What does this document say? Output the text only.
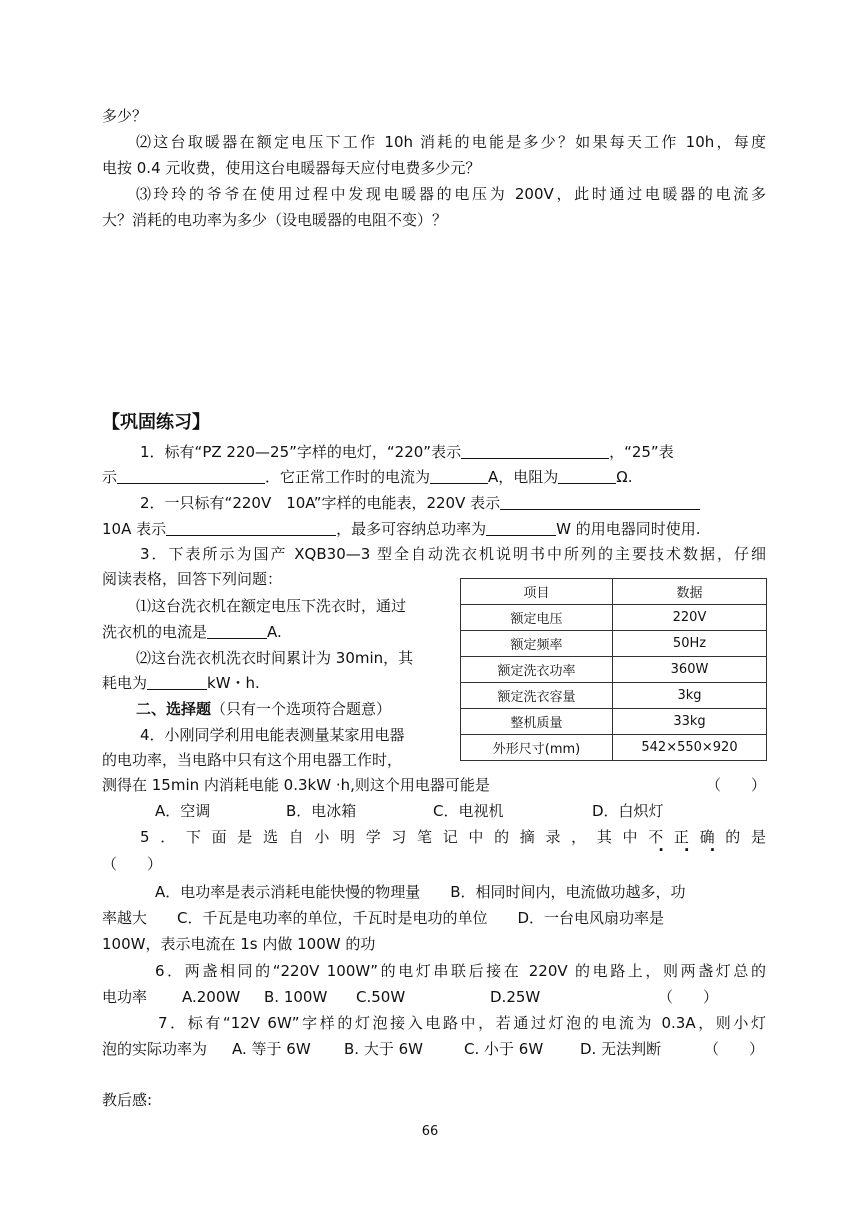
多少？
⑵这台取暖器在额定电压下工作 10h 消耗的电能是多少？如果每天工作 10h，每度
电按 0.4 元收费，使用这台电暖器每天应付电费多少元？
⑶玲玲的爷爷在使用过程中发现电暖器的电压为 200V，此时通过电暖器的电流多
大？消耗的电功率为多少（设电暖器的电阻不变）？
【巩固练习】
1．标有“PZ 220—25”字样的电灯，“220”表示	，“25”表
示	．它正常工作时的电流为	A，电阻为	Ω.
2．一只标有“220V　10A”字样的电能表，220V 表示
10A 表示	，最多可容纳总功率为	W 的用电器同时使用.
3．下表所示为国产 XQB30—3 型全自动洗衣机说明书中所列的主要技术数据，仔细
阅读表格，回答下列问题：
⑴这台洗衣机在额定电压下洗衣时，通过
洗衣机的电流是	A.
⑵这台洗衣机洗衣时间累计为 30min，其
耗电为	kW・h.
项目	数据
额定电压	220V
额定频率	50Hz
额定洗衣功率	360W
额定洗衣容量	3kg
整机质量	33kg
外形尺寸(mm)	542×550×920
二、选择题（只有一个选项符合题意）
4．小刚同学利用电能表测量某家用电器
的电功率，当电路中只有这个用电器工作时，
测得在 15min 内消耗电能 0.3kW ·h,则这个用电器可能是	（　　）
A．空调	B．电冰箱	C．电视机	D．白炽灯
5．下面是选自小明学习笔记中的摘录，其中不正确的是
（　　）
A．电功率是表示消耗电能快慢的物理量　　B．相同时间内，电流做功越多，功
率越大　　C．千瓦是电功率的单位，千瓦时是电功的单位　　D．一台电风扇功率是
100W，表示电流在 1s 内做 100W 的功
6．两盏相同的“220V 100W”的电灯串联后接在 220V 的电路上，则两盏灯总的
电功率 A.200W B. 100W C.50W	D.25W	（　　）
7．标有“12V 6W”字样的灯泡接入电路中，若通过灯泡的电流为 0.3A，则小灯
泡的实际功率为 A. 等于 6W B. 大于 6W	C. 小于 6W D. 无法判断	（　　）
教后感:
66
